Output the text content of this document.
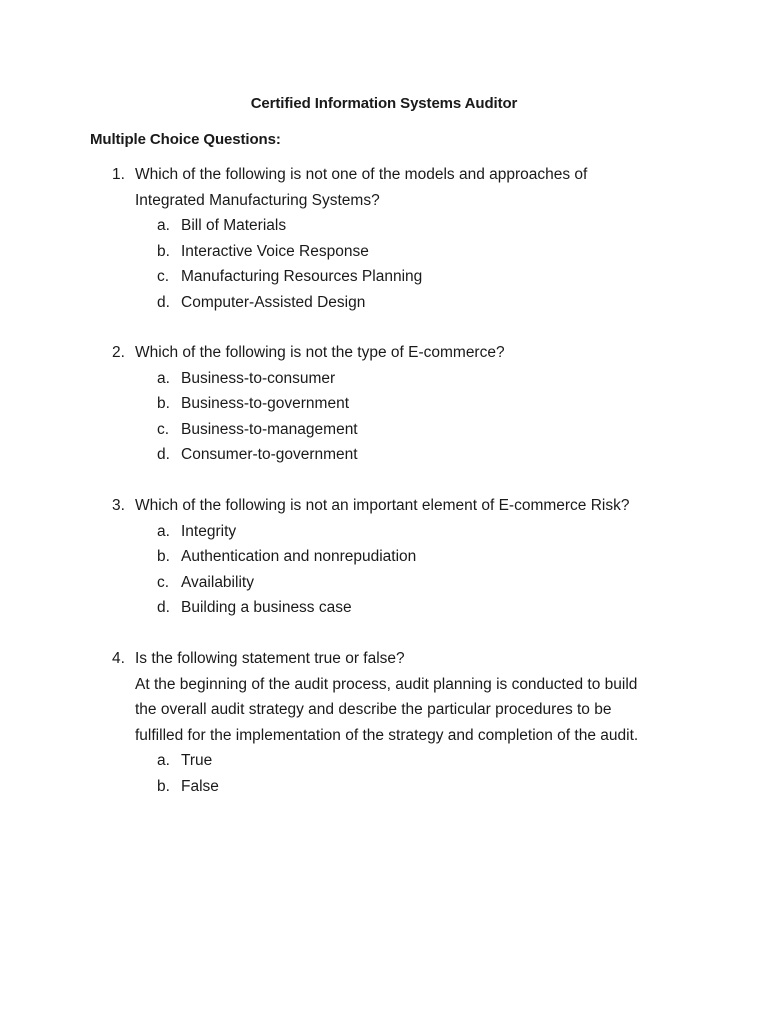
Certified Information Systems Auditor
Multiple Choice Questions:
1. Which of the following is not one of the models and approaches of
Integrated Manufacturing Systems?
a. Bill of Materials
b. Interactive Voice Response
c. Manufacturing Resources Planning
d. Computer-Assisted Design
2. Which of the following is not the type of E-commerce?
a. Business-to-consumer
b. Business-to-government
c. Business-to-management
d. Consumer-to-government
3. Which of the following is not an important element of E-commerce Risk?
a. Integrity
b. Authentication and nonrepudiation
c. Availability
d. Building a business case
4. Is the following statement true or false?
At the beginning of the audit process, audit planning is conducted to build
the overall audit strategy and describe the particular procedures to be
fulfilled for the implementation of the strategy and completion of the audit.
a. True
b. False
